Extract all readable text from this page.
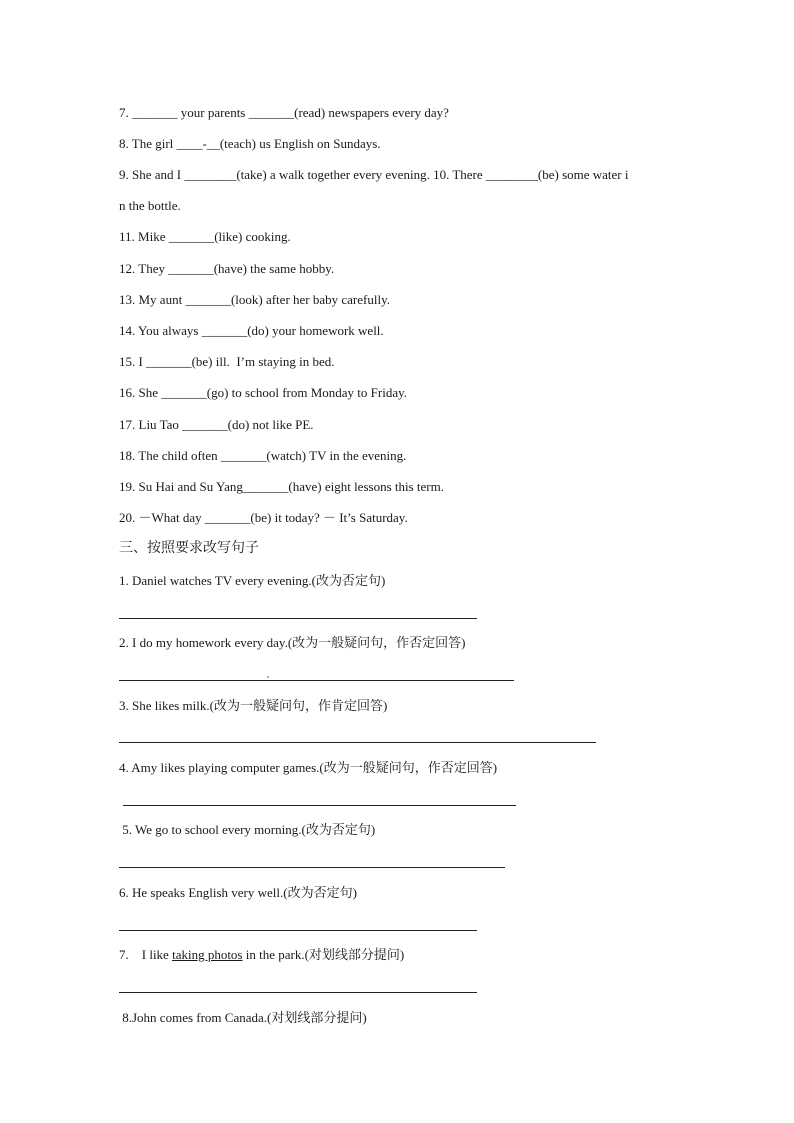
7. _______ your parents _______(read) newspapers every day?
8. The girl ____-__(teach) us English on Sundays.
9. She and I ________(take) a walk together every evening. 10. There ________(be) some water i
n the bottle.
11. Mike _______(like) cooking.
12. They _______(have) the same hobby.
13. My aunt _______(look) after her baby carefully.
14. You always _______(do) your homework well.
15. I _______(be) ill.  I’m staying in bed.
16. She _______(go) to school from Monday to Friday.
17. Liu Tao _______(do) not like PE.
18. The child often _______(watch) TV in the evening.
19. Su Hai and Su Yang_______(have) eight lessons this term.
20. －What day _______(be) it today? － It’s Saturday.
三、按照要求改写句子
1. Daniel watches TV every evening.(改为否定句)
2. I do my homework every day.(改为一般疑问句，作否定回答)
3. She likes milk.(改为一般疑问句，作肯定回答)
4. Amy likes playing computer games.(改为一般疑问句，作否定回答)
5. We go to school every morning.(改为否定句)
6. He speaks English very well.(改为否定句)
7.    I like taking photos in the park.(对划线部分提问)
8.John comes from Canada.(对划线部分提问)
